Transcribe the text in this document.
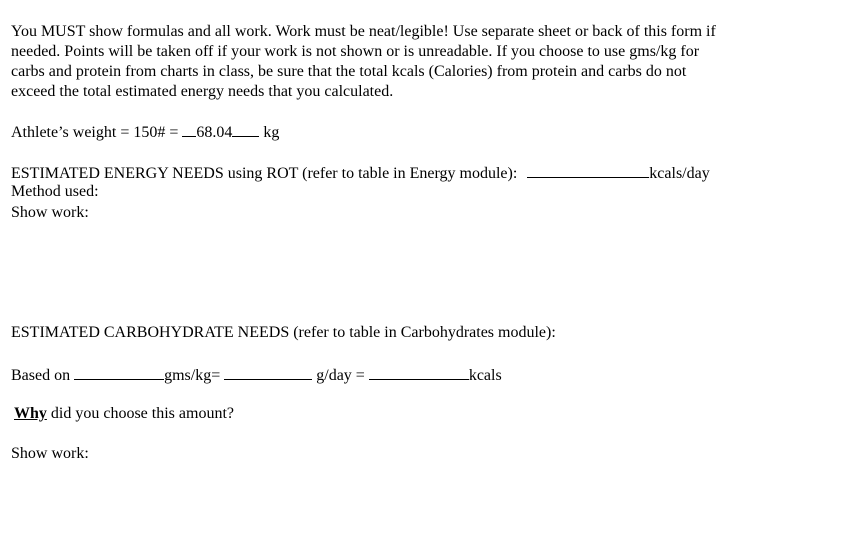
You MUST show formulas and all work. Work must be neat/legible! Use separate sheet or back of this form if

needed. Points will be taken off if your work is not shown or is unreadable. If you choose to use gms/kg for

carbs and protein from charts in class, be sure that the total kcals (Calories) from protein and carbs do not

exceed the total estimated energy needs that you calculated.

Athlete’s weight = 150# = 68.04 kg
ESTIMATED ENERGY NEEDS using ROT (refer to table in Energy module):	kcals/day
Method used:
Show work:
ESTIMATED CARBOHYDRATE NEEDS (refer to table in Carbohydrates module):
Based on	gms/kg=	g/day =	kcals
Why did you choose this amount?
Show work:
